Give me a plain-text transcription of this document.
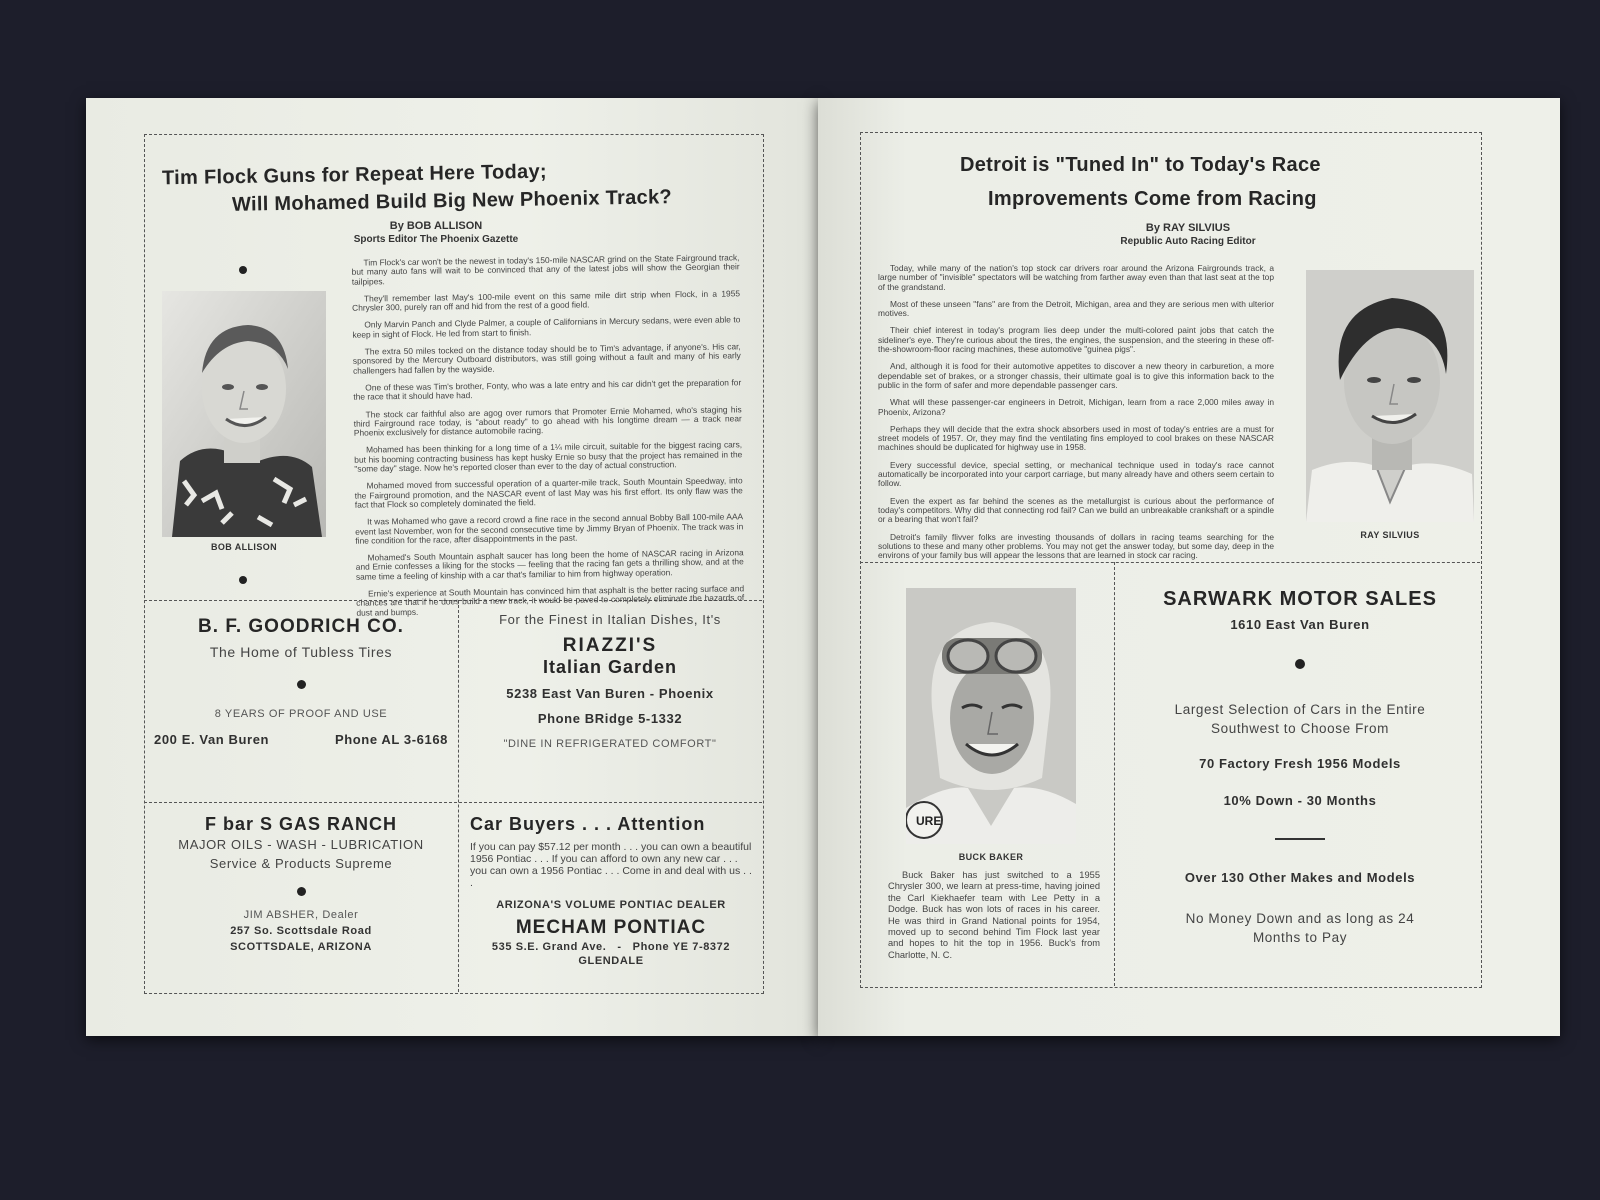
Tim Flock Guns for Repeat Here Today;
Will Mohamed Build Big New Phoenix Track?
By BOB ALLISON
Sports Editor The Phoenix Gazette
BOB ALLISON

Tim Flock's car won't be the newest in today's 150-mile NASCAR grind on the State Fairground track, but many auto fans will wait to be convinced that any of the latest jobs will show the Georgian their tailpipes.

They'll remember last May's 100-mile event on this same mile dirt strip when Flock, in a 1955 Chrysler 300, purely ran off and hid from the rest of a good field.

Only Marvin Panch and Clyde Palmer, a couple of Californians in Mercury sedans, were even able to keep in sight of Flock. He led from start to finish.

The extra 50 miles tocked on the distance today should be to Tim's advantage, if anyone's. His car, sponsored by the Mercury Outboard distributors, was still going without a fault and many of his early challengers had fallen by the wayside.

One of these was Tim's brother, Fonty, who was a late entry and his car didn't get the preparation for the race that it should have had.

The stock car faithful also are agog over rumors that Promoter Ernie Mohamed, who's staging his third Fairground race today, is "about ready" to go ahead with his longtime dream — a track near Phoenix exclusively for distance automobile racing.

Mohamed has been thinking for a long time of a 1¼ mile circuit, suitable for the biggest racing cars, but his booming contracting business has kept husky Ernie so busy that the project has remained in the "some day" stage. Now he's reported closer than ever to the day of actual construction.

Mohamed moved from successful operation of a quarter-mile track, South Mountain Speedway, into the Fairground promotion, and the NASCAR event of last May was his first effort. Its only flaw was the fact that Flock so completely dominated the field.

It was Mohamed who gave a record crowd a fine race in the second annual Bobby Ball 100-mile AAA event last November, won for the second consecutive time by Jimmy Bryan of Phoenix. The track was in fine condition for the race, after disappointments in the past.

Mohamed's South Mountain asphalt saucer has long been the home of NASCAR racing in Arizona and Ernie confesses a liking for the stocks — feeling that the racing fan gets a thrilling show, and at the same time a feeling of kinship with a car that's familiar to him from highway operation.

Ernie's experience at South Mountain has convinced him that asphalt is the better racing surface and chances are that if he does build a new track, it would be paved to completely eliminate the hazards of dust and bumps.

B. F. GOODRICH CO.
The Home of Tubless Tires
8 YEARS OF PROOF AND USE
200 E. Van Buren	Phone AL 3-6168
For the Finest in Italian Dishes, It's
RIAZZI'S
Italian Garden
5238 East Van Buren - Phoenix
Phone BRidge 5-1332
"DINE IN REFRIGERATED COMFORT"
F bar S GAS RANCH
MAJOR OILS - WASH - LUBRICATION
Service & Products Supreme
JIM ABSHER, Dealer
257 So. Scottsdale Road
SCOTTSDALE, ARIZONA
Car Buyers . . . Attention
If you can pay $57.12 per month . . . you can own a beautiful 1956 Pontiac . . . If you can afford to own any new car . . . you can own a 1956 Pontiac . . . Come in and deal with us . . .
ARIZONA'S VOLUME PONTIAC DEALER
MECHAM PONTIAC
535 S.E. Grand Ave.   -   Phone YE 7-8372
GLENDALE
Detroit is "Tuned In" to Today's Race
Improvements Come from Racing
By RAY SILVIUS
Republic Auto Racing Editor

Today, while many of the nation's top stock car drivers roar around the Arizona Fairgrounds track, a large number of "invisible" spectators will be watching from farther away even than that last seat at the top of the grandstand.

Most of these unseen "fans" are from the Detroit, Michigan, area and they are serious men with ulterior motives.

Their chief interest in today's program lies deep under the multi-colored paint jobs that catch the sideliner's eye. They're curious about the tires, the engines, the suspension, and the steering in these off-the-showroom-floor racing machines, these automotive "guinea pigs".

And, although it is food for their automotive appetites to discover a new theory in carburetion, a more dependable set of brakes, or a stronger chassis, their ultimate goal is to give this information back to the public in the form of safer and more dependable passenger cars.

What will these passenger-car engineers in Detroit, Michigan, learn from a race 2,000 miles away in Phoenix, Arizona?

Perhaps they will decide that the extra shock absorbers used in most of today's entries are a must for street models of 1957. Or, they may find the ventilating fins employed to cool brakes on these NASCAR machines should be duplicated for highway use in 1958.

Every successful device, special setting, or mechanical technique used in today's race cannot automatically be incorporated into your carport carriage, but many already have and others seem certain to follow.

Even the expert as far behind the scenes as the metallurgist is curious about the performance of today's competitors. Why did that connecting rod fail? Can we build an unbreakable crankshaft or a spindle or a bearing that won't fail?

Detroit's family flivver folks are investing thousands of dollars in racing teams searching for the solutions to these and many other problems. You may not get the answer today, but some day, deep in the environs of your family bus will appear the lessons that are learned in stock car racing.

RAY SILVIUS
URE
BUCK BAKER
Buck Baker has just switched to a 1955 Chrysler 300, we learn at press-time, having joined the Carl Kiekhaefer team with Lee Petty in a Dodge. Buck has won lots of races in his career. He was third in Grand National points for 1954, moved up to second behind Tim Flock last year and hopes to hit the top in 1956. Buck's from Charlotte, N. C.
SARWARK MOTOR SALES
1610 East Van Buren
Largest Selection of Cars in the Entire Southwest to Choose From
70 Factory Fresh 1956 Models
10% Down - 30 Months
Over 130 Other Makes and Models
No Money Down and as long as 24 Months to Pay
